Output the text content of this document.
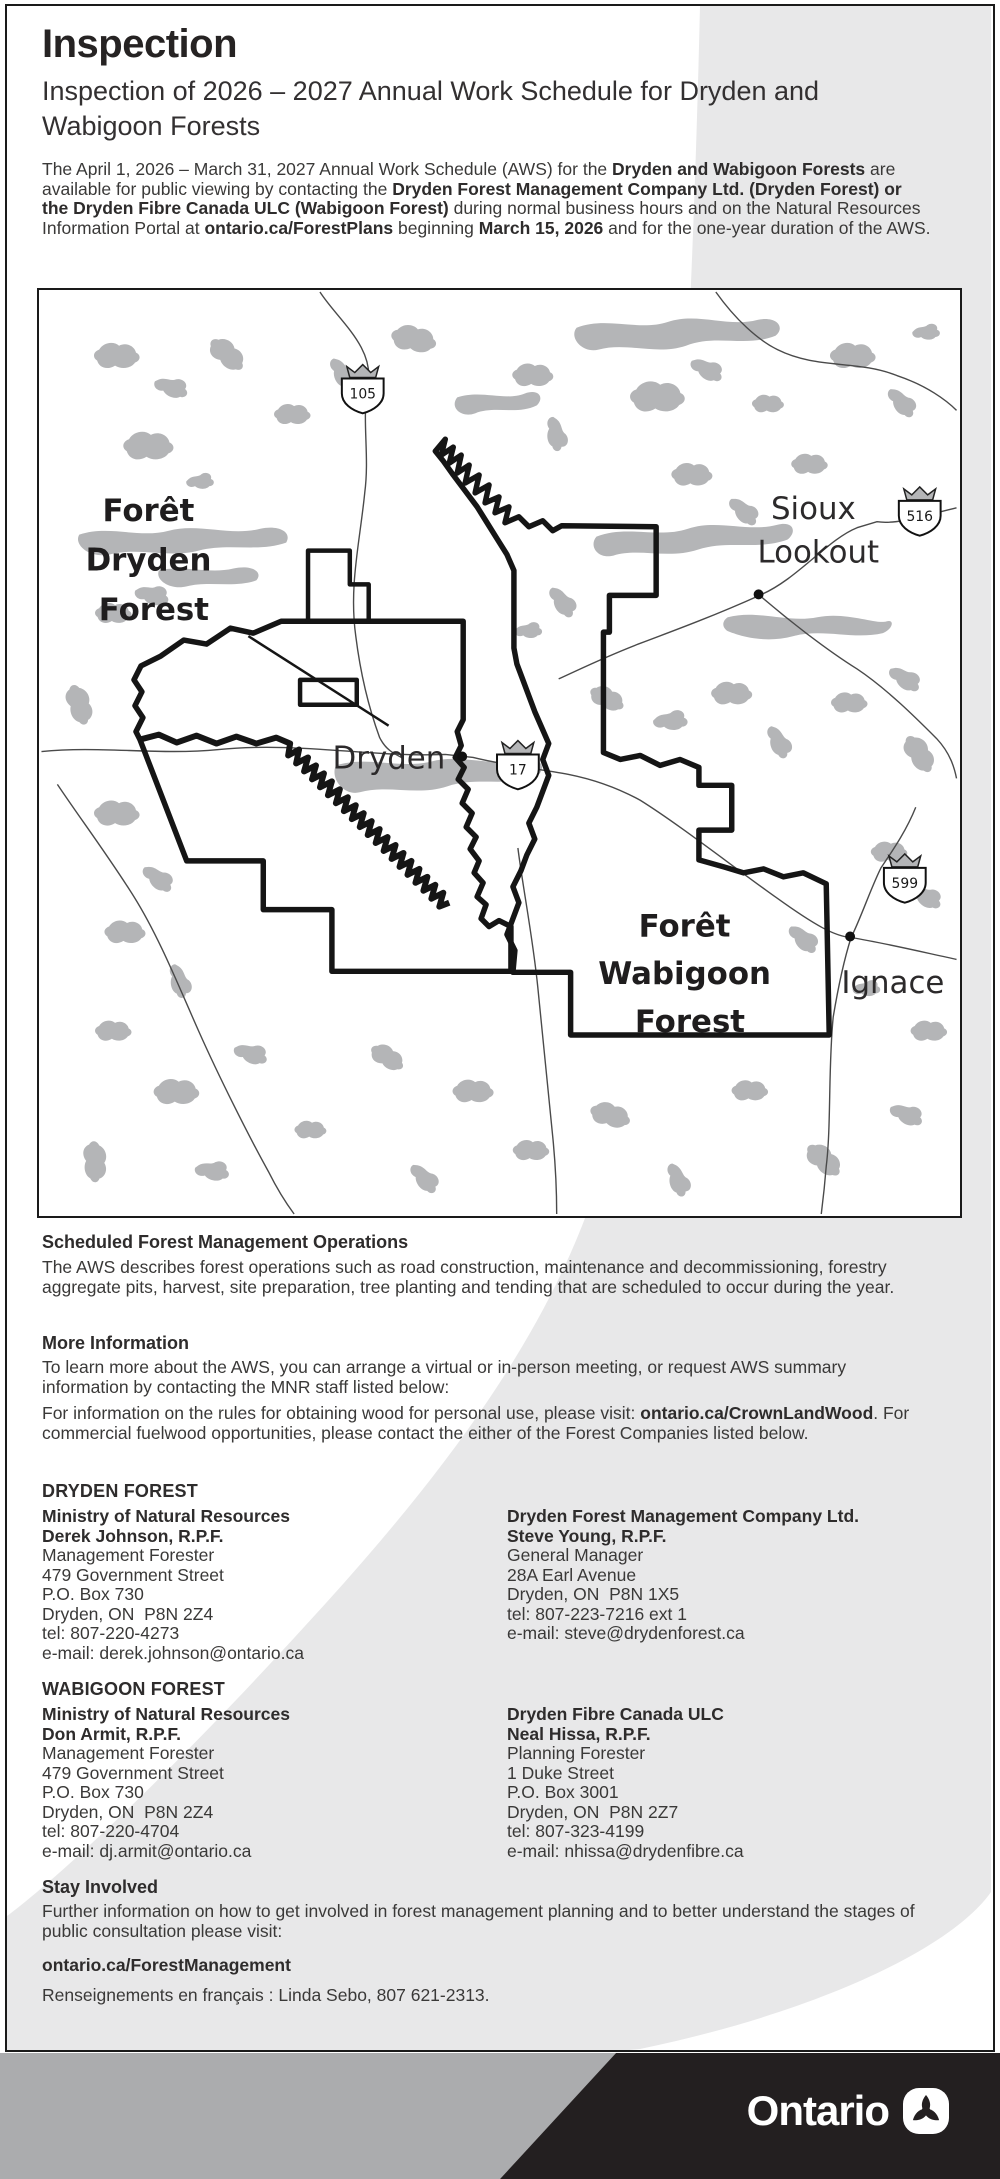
Inspection
Inspection of 2026 – 2027 Annual Work Schedule for Dryden and Wabigoon Forests

The April 1, 2026 – March 31, 2027 Annual Work Schedule (AWS) for the Dryden and Wabigoon Forests are available for public viewing by contacting the Dryden Forest Management Company Ltd. (Dryden Forest) or the Dryden Fibre Canada ULC (Wabigoon Forest) during normal business hours and on the Natural Resources Information Portal at ontario.ca/ForestPlans beginning March 15, 2026 and for the one-year duration of the AWS.

Forêt Dryden Forest
Forêt Wabigoon Forest
Sioux Lookout
Dryden
Ignace
105
516
17
599
Scheduled Forest Management Operations

The AWS describes forest operations such as road construction, maintenance and decommissioning, forestry aggregate pits, harvest, site preparation, tree planting and tending that are scheduled to occur during the year.

More Information

To learn more about the AWS, you can arrange a virtual or in-person meeting, or request AWS summary information by contacting the MNR staff listed below:

For information on the rules for obtaining wood for personal use, please visit: ontario.ca/CrownLandWood. For commercial fuelwood opportunities, please contact the either of the Forest Companies listed below.

DRYDEN FOREST
Ministry of Natural Resources
Derek Johnson, R.P.F.
Management Forester
479 Government Street
P.O. Box 730
Dryden, ON  P8N 2Z4
tel: 807-220-4273
e-mail: derek.johnson@ontario.ca
Dryden Forest Management Company Ltd.
Steve Young, R.P.F.
General Manager
28A Earl Avenue
Dryden, ON  P8N 1X5
tel: 807-223-7216 ext 1
e-mail: steve@drydenforest.ca
WABIGOON FOREST
Ministry of Natural Resources
Don Armit, R.P.F.
Management Forester
479 Government Street
P.O. Box 730
Dryden, ON  P8N 2Z4
tel: 807-220-4704
e-mail: dj.armit@ontario.ca
Dryden Fibre Canada ULC
Neal Hissa, R.P.F.
Planning Forester
1 Duke Street
P.O. Box 3001
Dryden, ON  P8N 2Z7
tel: 807-323-4199
e-mail: nhissa@drydenfibre.ca
Stay Involved

Further information on how to get involved in forest management planning and to better understand the stages of public consultation please visit:

ontario.ca/ForestManagement
Renseignements en français : Linda Sebo, 807 621-2313.
Ontario
